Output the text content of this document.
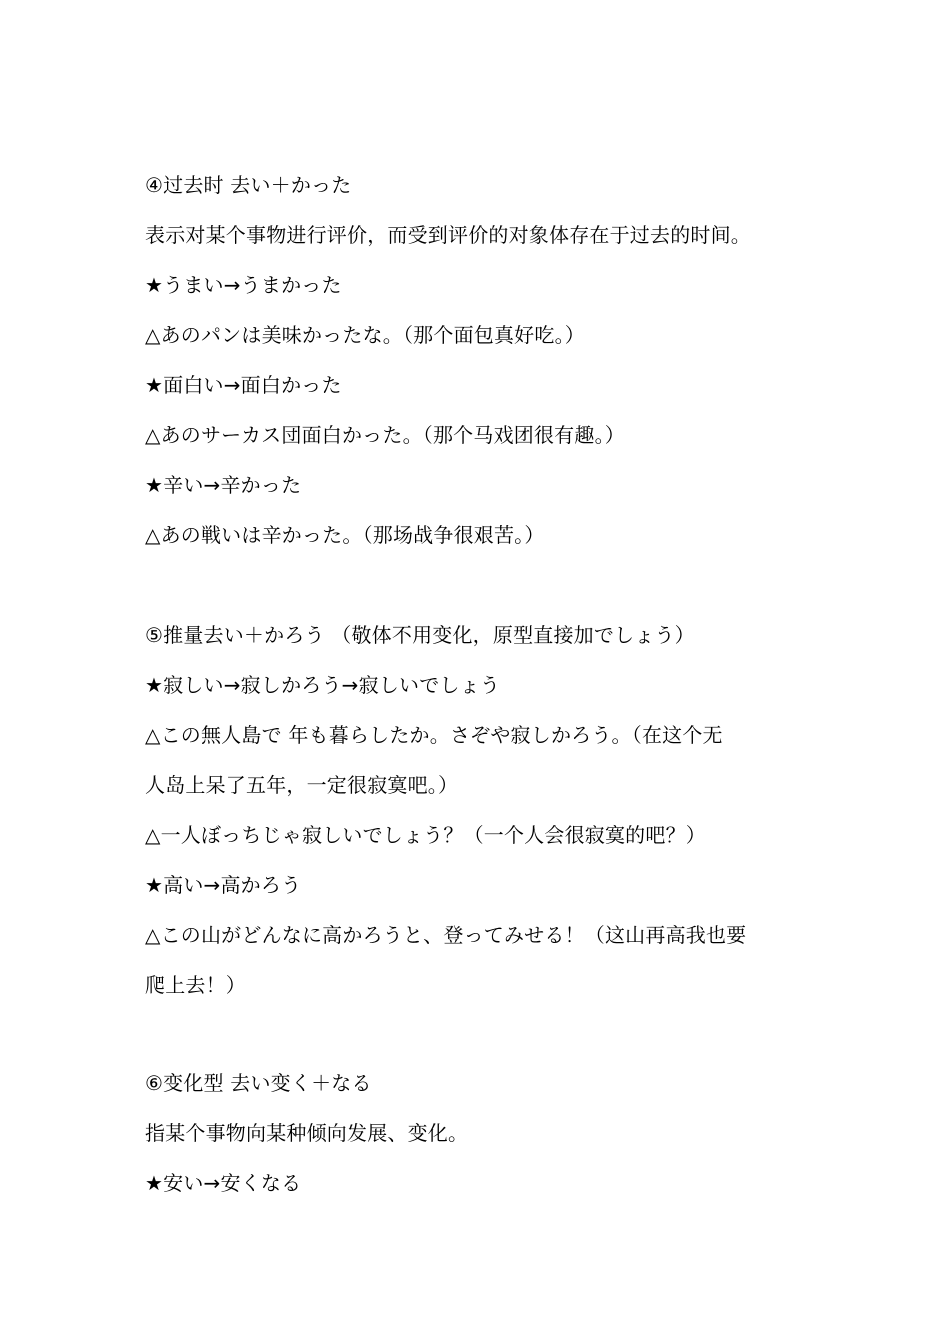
④过去时 去い＋かった
表示对某个事物进行评价，而受到评价的对象体存在于过去的时间。
★うまい→うまかった
△あのパンは美味かったな。（那个面包真好吃。）
★面白い→面白かった
△あのサーカス団面白かった。（那个马戏团很有趣。）
★辛い→辛かった
△あの戦いは辛かった。（那场战争很艰苦。）
⑤推量去い＋かろう （敬体不用变化，原型直接加でしょう）
★寂しい→寂しかろう→寂しいでしょう
△この無人島で 年も暮らしたか。さぞや寂しかろう。（在这个无
人岛上呆了五年，一定很寂寞吧。）
△一人ぼっちじゃ寂しいでしょう？（一个人会很寂寞的吧？）
★高い→高かろう
△この山がどんなに高かろうと、登ってみせる！（这山再高我也要
爬上去！）
⑥变化型 去い变く＋なる
指某个事物向某种倾向发展、变化。
★安い→安くなる
